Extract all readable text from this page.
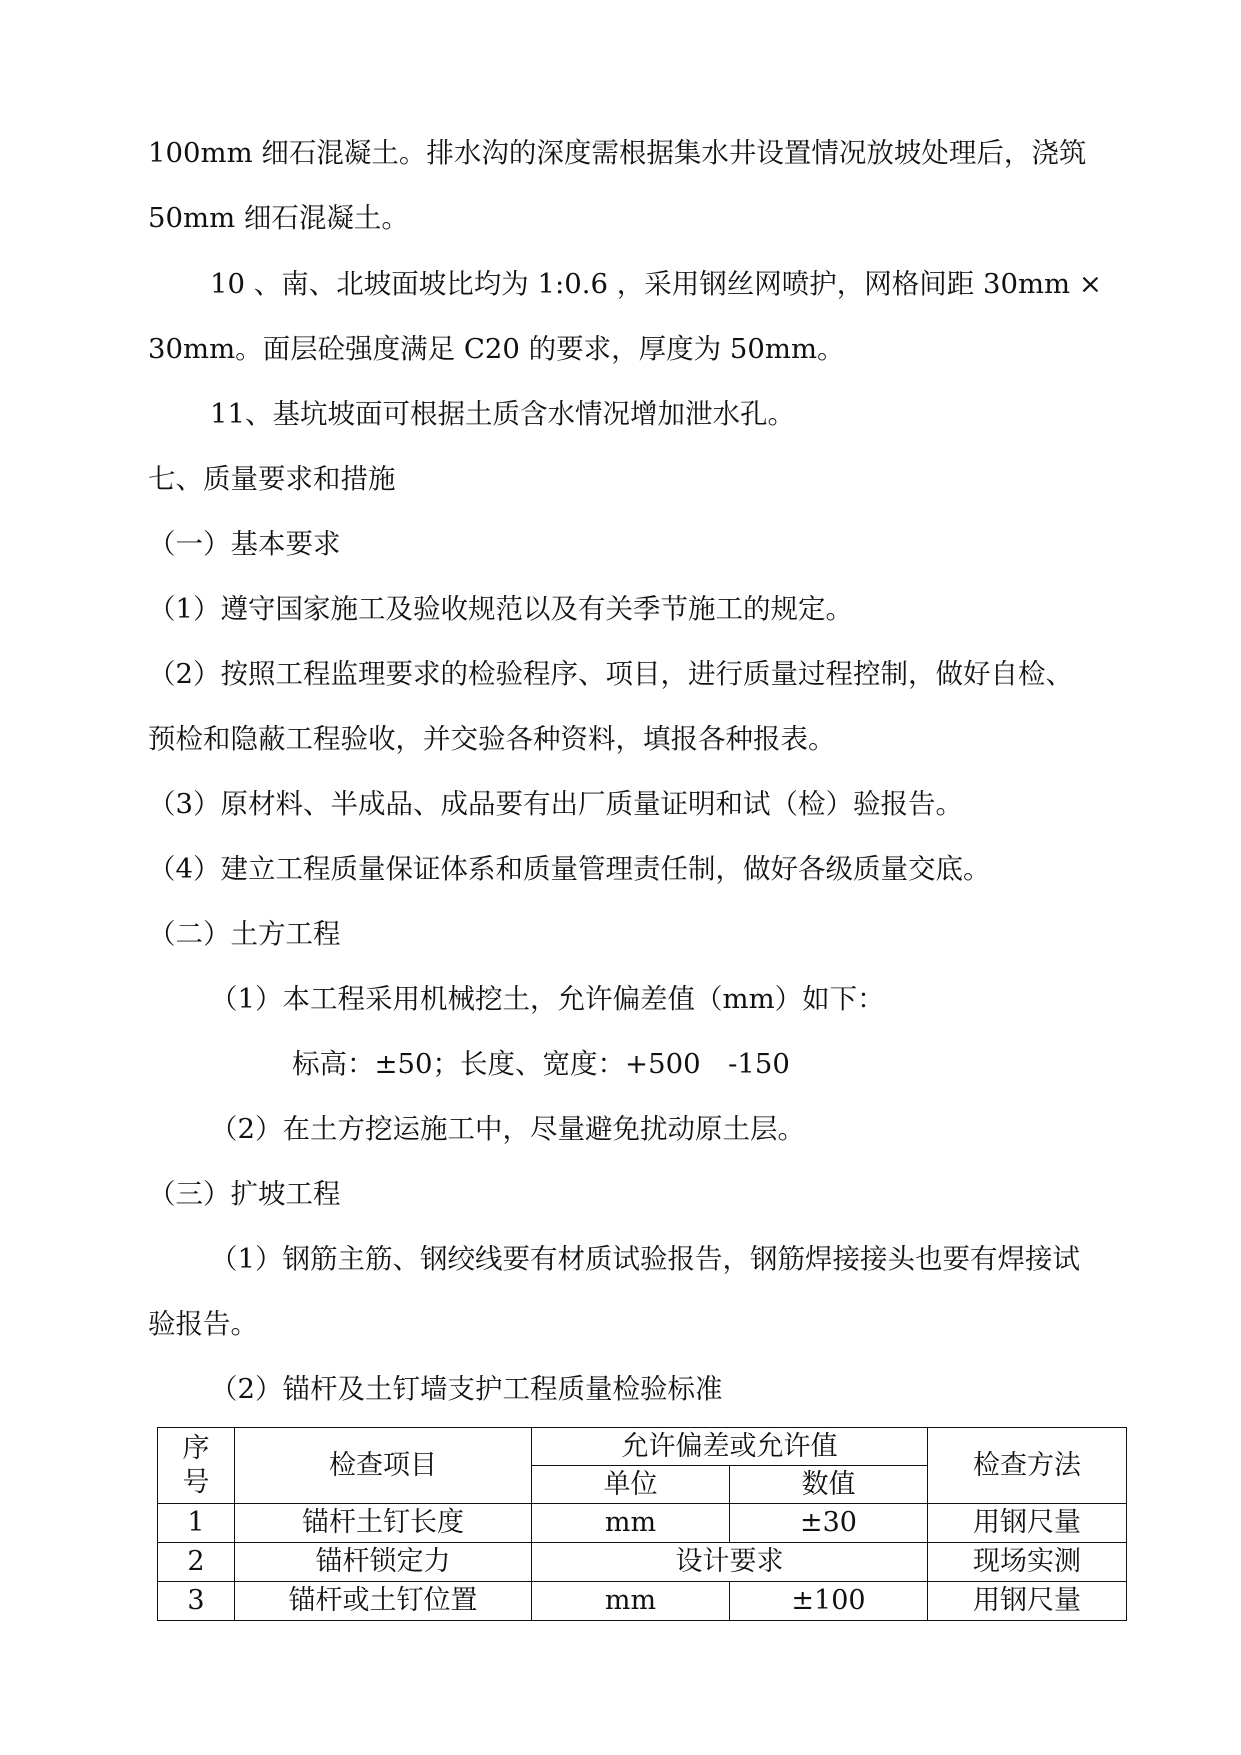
100mm 细石混凝土。排水沟的深度需根据集水井设置情况放坡处理后，浇筑
50mm 细石混凝土。
10 、南、北坡面坡比均为 1:0.6 ，采用钢丝网喷护，网格间距 30mm ×
30mm。面层砼强度满足 C20 的要求，厚度为 50mm。
11、基坑坡面可根据土质含水情况增加泄水孔。
七、质量要求和措施
（一）基本要求
（1）遵守国家施工及验收规范以及有关季节施工的规定。
（2）按照工程监理要求的检验程序、项目，进行质量过程控制，做好自检、
预检和隐蔽工程验收，并交验各种资料，填报各种报表。
（3）原材料、半成品、成品要有出厂质量证明和试（检）验报告。
（4）建立工程质量保证体系和质量管理责任制，做好各级质量交底。
（二）土方工程
（1）本工程采用机械挖土，允许偏差值（mm）如下：
标高：±50；长度、宽度：+500　-150
（2）在土方挖运施工中，尽量避免扰动原土层。
（三）扩坡工程
（1）钢筋主筋、钢绞线要有材质试验报告，钢筋焊接接头也要有焊接试
验报告。
（2）锚杆及土钉墙支护工程质量检验标准
序
号	检查项目	允许偏差或允许值		检查方法
		单位	数值	
1	锚杆土钉长度	mm	±30	用钢尺量
2	锚杆锁定力	设计要求		现场实测
3	锚杆或土钉位置	mm	±100	用钢尺量
